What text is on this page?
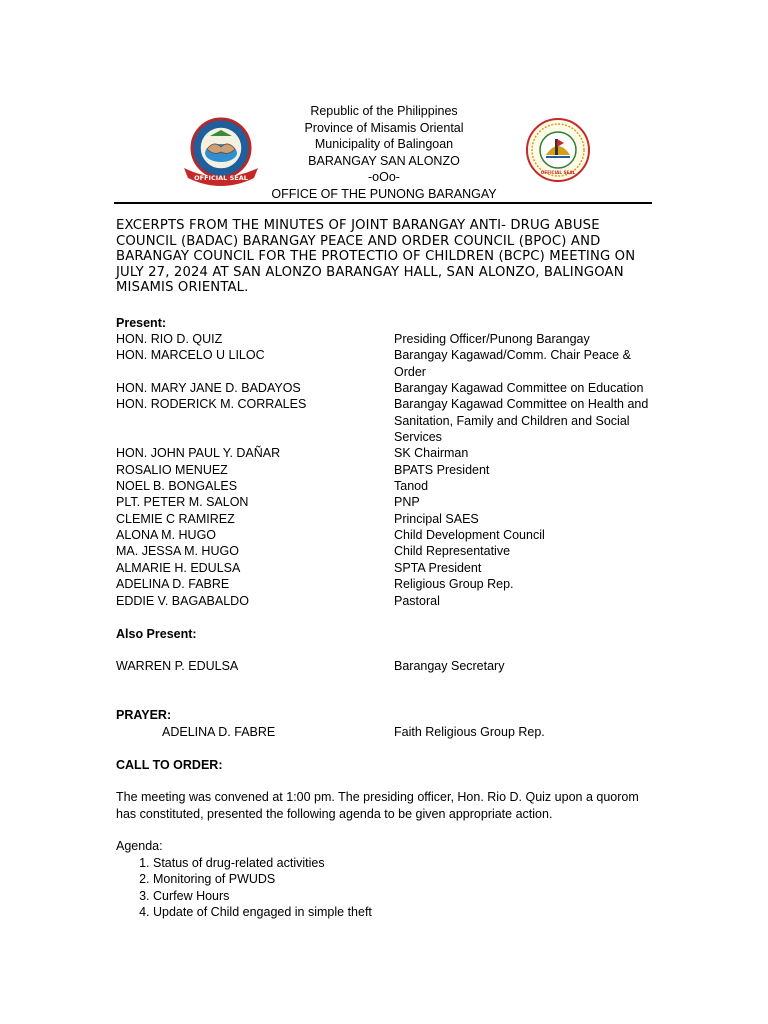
OFFICIAL SEAL
Republic of the Philippines
Province of Misamis Oriental
Municipality of Balingoan
BARANGAY SAN ALONZO
-oOo-
OFFICE OF THE PUNONG BARANGAY
OFFICIAL SEAL
EXCERPTS FROM THE MINUTES OF JOINT BARANGAY ANTI- DRUG ABUSE COUNCIL (BADAC) BARANGAY PEACE AND ORDER COUNCIL (BPOC) AND BARANGAY COUNCIL FOR THE PROTECTIO OF CHILDREN (BCPC) MEETING ON JULY 27, 2024 AT SAN ALONZO BARANGAY HALL, SAN ALONZO, BALINGOAN MISAMIS ORIENTAL.
Present:
HON. RIO D. QUIZ	Presiding Officer/Punong Barangay
HON. MARCELO U LILOC	Barangay Kagawad/Comm. Chair Peace & Order
HON. MARY JANE D. BADAYOS	Barangay Kagawad Committee on Education
HON. RODERICK M. CORRALES	Barangay Kagawad Committee on Health and Sanitation, Family and Children and Social Services
HON. JOHN PAUL Y. DAÑAR	SK Chairman
ROSALIO MENUEZ	BPATS President
NOEL B. BONGALES	Tanod
PLT. PETER M. SALON	PNP
CLEMIE C RAMIREZ	Principal SAES
ALONA M. HUGO	Child Development Council
MA. JESSA M. HUGO	Child Representative
ALMARIE H. EDULSA	SPTA President
ADELINA D. FABRE	Religious Group Rep.
EDDIE V. BAGABALDO	Pastoral
Also Present:
WARREN P. EDULSA	Barangay Secretary
PRAYER:
ADELINA D. FABRE	Faith Religious Group Rep.
CALL TO ORDER:
The meeting was convened at 1:00 pm. The presiding officer, Hon. Rio D. Quiz upon a quorom has constituted, presented the following agenda to be given appropriate action.
Agenda:
1. Status of drug-related activities
2. Monitoring of PWUDS
3. Curfew Hours
4. Update of Child engaged in simple theft
